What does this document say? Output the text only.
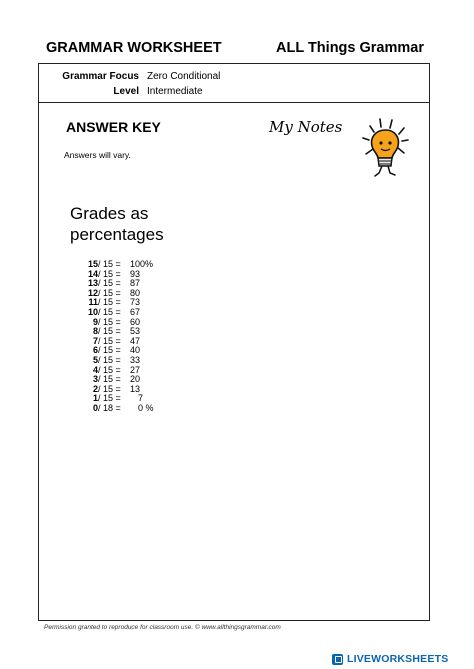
GRAMMAR WORKSHEET	ALL Things Grammar
Grammar Focus Zero Conditional
Level Intermediate
ANSWER KEY
Answers will vary.
My Notes
Grades as percentages
15 / 15 = 100%
14 / 15 = 93
13 / 15 = 87
12 / 15 = 80
11 / 15 = 73
10 / 15 = 67
9 / 15 = 60
8 / 15 = 53
7 / 15 = 47
6 / 15 = 40
5 / 15 = 33
4 / 15 = 27
3 / 15 = 20
2 / 15 = 13
1 / 15 = 7
0 / 18 = 0 %
Permission granted to reproduce for classroom use. © www.allthingsgrammar.com
LIVEWORKSHEETS
